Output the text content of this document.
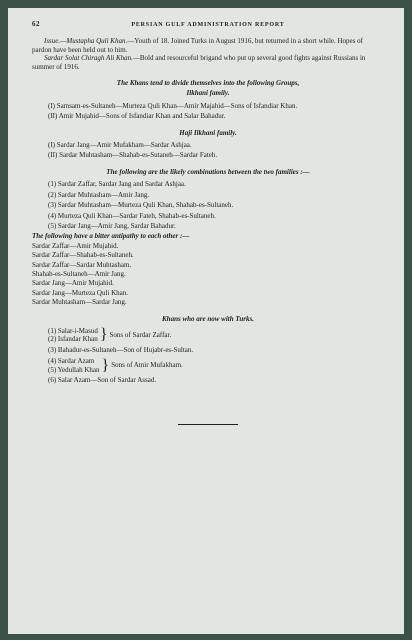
62	PERSIAN GULF ADMINISTRATION REPORT

Issue.—Mustapha Quli Khan.—Youth of 18. Joined Turks in August 1916, but returned in a short while. Hopes of pardon have been held out to him.

Sardar Solat Chiragh Ali Khan.—Bold and resourceful brigand who put up several good fights against Russians in summer of 1916.

The Khans tend to divide themselves into the following Groups,
Ilkhani family.
(I) Samsam-es-Sultaneh—Murteza Quli Khan—Amir Majahid—Sons of Isfandiar Khan.
(II) Amir Mujahid—Sons of Isfandiar Khan and Salar Bahadur.
Haji Ilkhani family.
(I) Sardar Jang—Amir Mufakham—Sardar Ashjaa.
(II) Sardar Muhtasham—Shahab-es-Sutaneh—Sardar Fateh.
The following are the likely combinations between the two families :—
(1) Sardar Zaffar, Sardar Jang and Sardar Ashjaa.
(2) Sardar Muhtasham—Amir Jang.
(3) Sardar Muhtasham—Murteza Quli Khan, Shahab-es-Sultaneh.
(4) Murteza Quli Khan—Sardar Fateh, Shahab-es-Sultaneh.
(5) Sardar Jang—Amir Jang, Sardar Bahadur.
The following have a bitter antipathy to each other :—
Sardar Zaffar—Amir Mujahid.
Sardar Zaffar—Shahab-es-Sultaneh.
Sardar Zaffar—Sardar Muhtasham.
Shahab-es-Sultaneh—Amir Jang.
Sardar Jang—Amir Mujahid.
Sardar Jang—Murteza Quli Khan.
Sardar Muhtasham—Sardar Jang.
Khans who are now with Turks.
(1) Salar-i-Masud
(2) Isfandar Khan } Sons of Sardar Zaffar.
(3) Bahadur-es-Sultaneh—Son of Hujabr-es-Sultan.
(4) Sardar Azam
(5) Yedullah Khan } Sons of Amir Mufakham.
(6) Salar Azam—Son of Sardar Assad.
